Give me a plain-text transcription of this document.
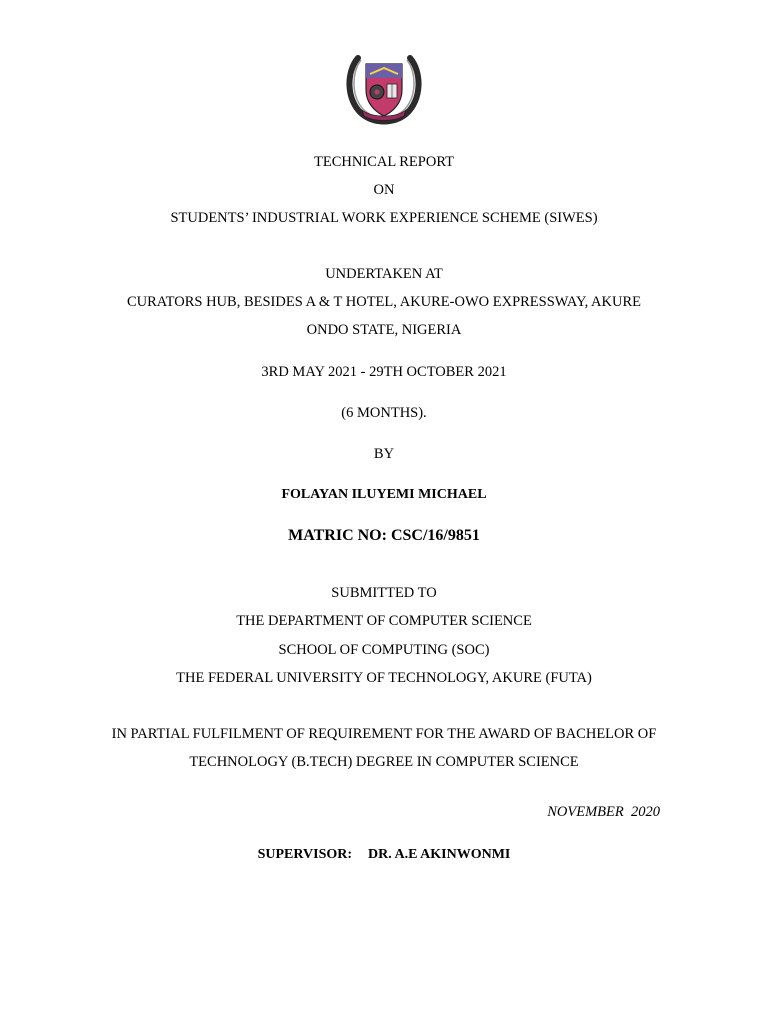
TECHNICAL REPORT
ON
STUDENTS’ INDUSTRIAL WORK EXPERIENCE SCHEME (SIWES)
UNDERTAKEN AT
CURATORS HUB, BESIDES A & T HOTEL, AKURE-OWO EXPRESSWAY, AKURE
ONDO STATE, NIGERIA
3RD MAY 2021 - 29TH OCTOBER 2021
(6 MONTHS).
BY
FOLAYAN ILUYEMI MICHAEL
MATRIC NO: CSC/16/9851
SUBMITTED TO
THE DEPARTMENT OF COMPUTER SCIENCE
SCHOOL OF COMPUTING (SOC)
THE FEDERAL UNIVERSITY OF TECHNOLOGY, AKURE (FUTA)
IN PARTIAL FULFILMENT OF REQUIREMENT FOR THE AWARD OF BACHELOR OF
TECHNOLOGY (B.TECH) DEGREE IN COMPUTER SCIENCE
NOVEMBER  2020
SUPERVISOR: DR. A.E AKINWONMI
